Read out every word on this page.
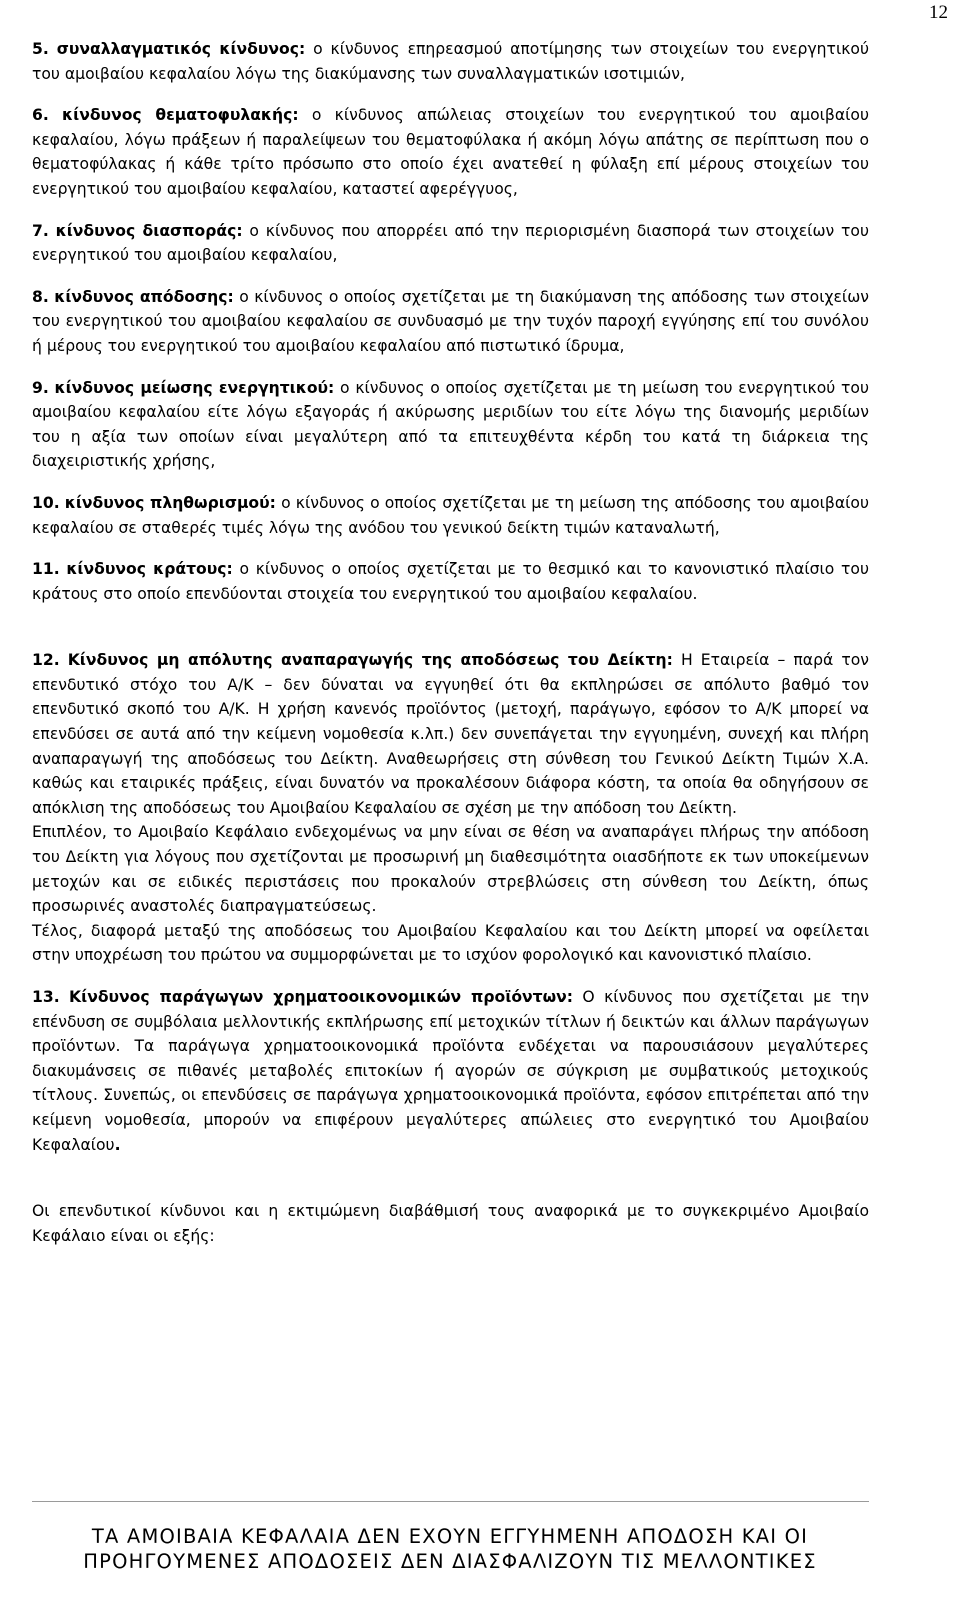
12

5. συναλλαγματικός κίνδυνος: ο κίνδυνος επηρεασμού αποτίμησης των στοιχείων του ενεργητικού του αμοιβαίου κεφαλαίου λόγω της διακύμανσης των συναλλαγματικών ισοτιμιών,

6. κίνδυνος θεματοφυλακής: ο κίνδυνος απώλειας στοιχείων του ενεργητικού του αμοιβαίου κεφαλαίου, λόγω πράξεων ή παραλείψεων του θεματοφύλακα ή ακόμη λόγω απάτης σε περίπτωση που ο θεματοφύλακας ή κάθε τρίτο πρόσωπο στο οποίο έχει ανατεθεί η φύλαξη επί μέρους στοιχείων του ενεργητικού του αμοιβαίου κεφαλαίου, καταστεί αφερέγγυος,

7. κίνδυνος διασποράς: ο κίνδυνος που απορρέει από την περιορισμένη διασπορά των στοιχείων του ενεργητικού του αμοιβαίου κεφαλαίου,

8. κίνδυνος απόδοσης: ο κίνδυνος ο οποίος σχετίζεται με τη διακύμανση της απόδοσης των στοιχείων του ενεργητικού του αμοιβαίου κεφαλαίου σε συνδυασμό με την τυχόν παροχή εγγύησης επί του συνόλου ή μέρους του ενεργητικού του αμοιβαίου κεφαλαίου από πιστωτικό ίδρυμα,

9. κίνδυνος μείωσης ενεργητικού: ο κίνδυνος ο οποίος σχετίζεται με τη μείωση του ενεργητικού του αμοιβαίου κεφαλαίου είτε λόγω εξαγοράς ή ακύρωσης μεριδίων του είτε λόγω της διανομής μεριδίων του η αξία των οποίων είναι μεγαλύτερη από τα επιτευχθέντα κέρδη του κατά τη διάρκεια της διαχειριστικής χρήσης,

10. κίνδυνος πληθωρισμού: ο κίνδυνος ο οποίος σχετίζεται με τη μείωση της απόδοσης του αμοιβαίου κεφαλαίου σε σταθερές τιμές λόγω της ανόδου του γενικού δείκτη τιμών καταναλωτή,

11. κίνδυνος κράτους: ο κίνδυνος ο οποίος σχετίζεται με το θεσμικό και το κανονιστικό πλαίσιο του κράτους στο οποίο επενδύονται στοιχεία του ενεργητικού του αμοιβαίου κεφαλαίου.

12. Κίνδυνος μη απόλυτης αναπαραγωγής της αποδόσεως του Δείκτη: Η Εταιρεία – παρά τον επενδυτικό στόχο του Α/Κ – δεν δύναται να εγγυηθεί ότι θα εκπληρώσει σε απόλυτο βαθμό τον επενδυτικό σκοπό του Α/Κ. Η χρήση κανενός προϊόντος (μετοχή, παράγωγο, εφόσον το Α/Κ μπορεί να επενδύσει σε αυτά από την κείμενη νομοθεσία κ.λπ.) δεν συνεπάγεται την εγγυημένη, συνεχή και πλήρη αναπαραγωγή της αποδόσεως του Δείκτη. Αναθεωρήσεις στη σύνθεση του Γενικού Δείκτη Τιμών Χ.Α. καθώς και εταιρικές πράξεις, είναι δυνατόν να προκαλέσουν διάφορα κόστη, τα οποία θα οδηγήσουν σε απόκλιση της αποδόσεως του Αμοιβαίου Κεφαλαίου σε σχέση με την απόδοση του Δείκτη.

Επιπλέον, το Αμοιβαίο Κεφάλαιο ενδεχομένως να μην είναι σε θέση να αναπαράγει πλήρως την απόδοση του Δείκτη για λόγους που σχετίζονται με προσωρινή μη διαθεσιμότητα οιασδήποτε εκ των υποκείμενων μετοχών και σε ειδικές περιστάσεις που προκαλούν στρεβλώσεις στη σύνθεση του Δείκτη, όπως προσωρινές αναστολές διαπραγματεύσεως.

Τέλος, διαφορά μεταξύ της αποδόσεως του Αμοιβαίου Κεφαλαίου και του Δείκτη μπορεί να οφείλεται στην υποχρέωση του πρώτου να συμμορφώνεται με το ισχύον φορολογικό και κανονιστικό πλαίσιο.

13. Κίνδυνος παράγωγων χρηματοοικονομικών προϊόντων: Ο κίνδυνος που σχετίζεται με την επένδυση σε συμβόλαια μελλοντικής εκπλήρωσης επί μετοχικών τίτλων ή δεικτών και άλλων παράγωγων προϊόντων. Τα παράγωγα χρηματοοικονομικά προϊόντα ενδέχεται να παρουσιάσουν μεγαλύτερες διακυμάνσεις σε πιθανές μεταβολές επιτοκίων ή αγορών σε σύγκριση με συμβατικούς μετοχικούς τίτλους. Συνεπώς, οι επενδύσεις σε παράγωγα χρηματοοικονομικά προϊόντα, εφόσον επιτρέπεται από την κείμενη νομοθεσία, μπορούν να επιφέρουν μεγαλύτερες απώλειες στο ενεργητικό του Αμοιβαίου Κεφαλαίου.

Οι επενδυτικοί κίνδυνοι και η εκτιμώμενη διαβάθμισή τους αναφορικά με το συγκεκριμένο Αμοιβαίο Κεφάλαιο είναι οι εξής:

ΤΑ ΑΜΟΙΒΑΙΑ ΚΕΦΑΛΑΙΑ ΔΕΝ ΕΧΟΥΝ ΕΓΓΥΗΜΕΝΗ ΑΠΟΔΟΣΗ ΚΑΙ ΟΙ
ΠΡΟΗΓΟΥΜΕΝΕΣ ΑΠΟΔΟΣΕΙΣ ΔΕΝ ΔΙΑΣΦΑΛΙΖΟΥΝ ΤΙΣ ΜΕΛΛΟΝΤΙΚΕΣ
